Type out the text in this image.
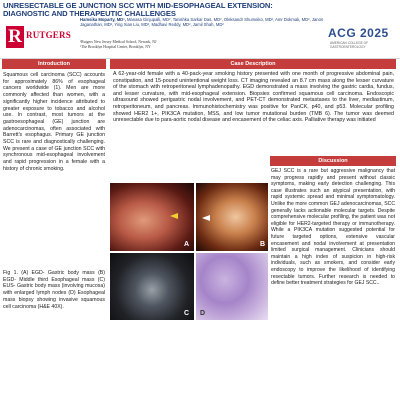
UNRESECTABLE GE JUNCTION SCC WITH MID-ESOPHAGEAL EXTENSION: DIAGNOSTIC AND THERAPEUTIC CHALLENGES
R RUTGERS
Hamsika Moparty, MD¹, Manasa Ginjupalli, MD², Tanishka Sarkar Das, MD², Oleksandr Shumeiko, MD², Amr Dokmak, MD², Janos Jaganathan, MD², Ying Xian Liu, MD², Madhavi Reddy, MD², Jamil Shah, MD²
¹Rutgers New Jersey Medical School, Newark, NJ
²The Brooklyn Hospital Center, Brooklyn, NY
ACG 2025
AMERICAN COLLEGE OF GASTROENTEROLOGY
Introduction
Squamous cell carcinoma (SCC) accounts for approximately 86% of esophageal cancers worldwide (1). Men are more commonly affected than women, with a significantly higher incidence attributed to greater exposure to tobacco and alcohol use. In contrast, most tumors at the gastroesophageal (GE) junction are adenocarcinomas, often associated with Barrett's esophagus. Primary GE junction SCC is rare and diagnostically challenging. We present a case of GE junction SCC with synchronous mid-esophageal involvement and rapid progression in a female with a history of chronic smoking.
Fig 1. (A) EGD- Gastric body mass (B) EGD- Middle third Esophageal mass (C) EUS- Gastric body mass (involving mucosa) with enlarged lymph nodes (D) Esophageal mass biopsy showing invasive squamous cell carcinoma (H&E 40X).
Case Description
A 62-year-old female with a 40-pack-year smoking history presented with one month of progressive abdominal pain, constipation, and 15-pound unintentional weight loss. CT imaging revealed an 8.7 cm mass along the lesser curvature of the stomach with retroperitoneal lymphadenopathy. EGD demonstrated a mass involving the gastric cardia, fundus, and lesser curvature, with mid-esophageal extension. Biopsies confirmed squamous cell carcinoma. Endoscopic ultrasound showed perigastric nodal involvement, and PET-CT demonstrated metastases to the liver, mediastinum, retroperitoneum, and pancreas. Immunohistochemistry was positive for PanCK, p40, and p53. Molecular profiling showed HER2 1+, PIK3CA mutation, MSS, and low tumor mutational burden (TMB 6). The tumor was deemed unresectable due to para-aortic nodal disease and encasement of the celiac axis. Palliative therapy was initiated
A	B
C D
Discussion
GEJ SCC is a rare but aggressive malignancy that may progress rapidly and present without classic symptoms, making early detection challenging. This case illustrates such an atypical presentation, with rapid systemic spread and minimal symptomatology. Unlike the more common GEJ adenocarcinomas, SCC generally lacks actionable molecular targets. Despite comprehensive molecular profiling, the patient was not eligible for HER2-targeted therapy or immunotherapy. While a PIK3CA mutation suggested potential for future targeted options, extensive vascular encasement and nodal involvement at presentation limited surgical management. Clinicians should maintain a high index of suspicion in high-risk individuals, such as smokers, and consider early endoscopy to improve the likelihood of identifying resectable tumors. Further research is needed to define better treatment strategies for GEJ SCC..
